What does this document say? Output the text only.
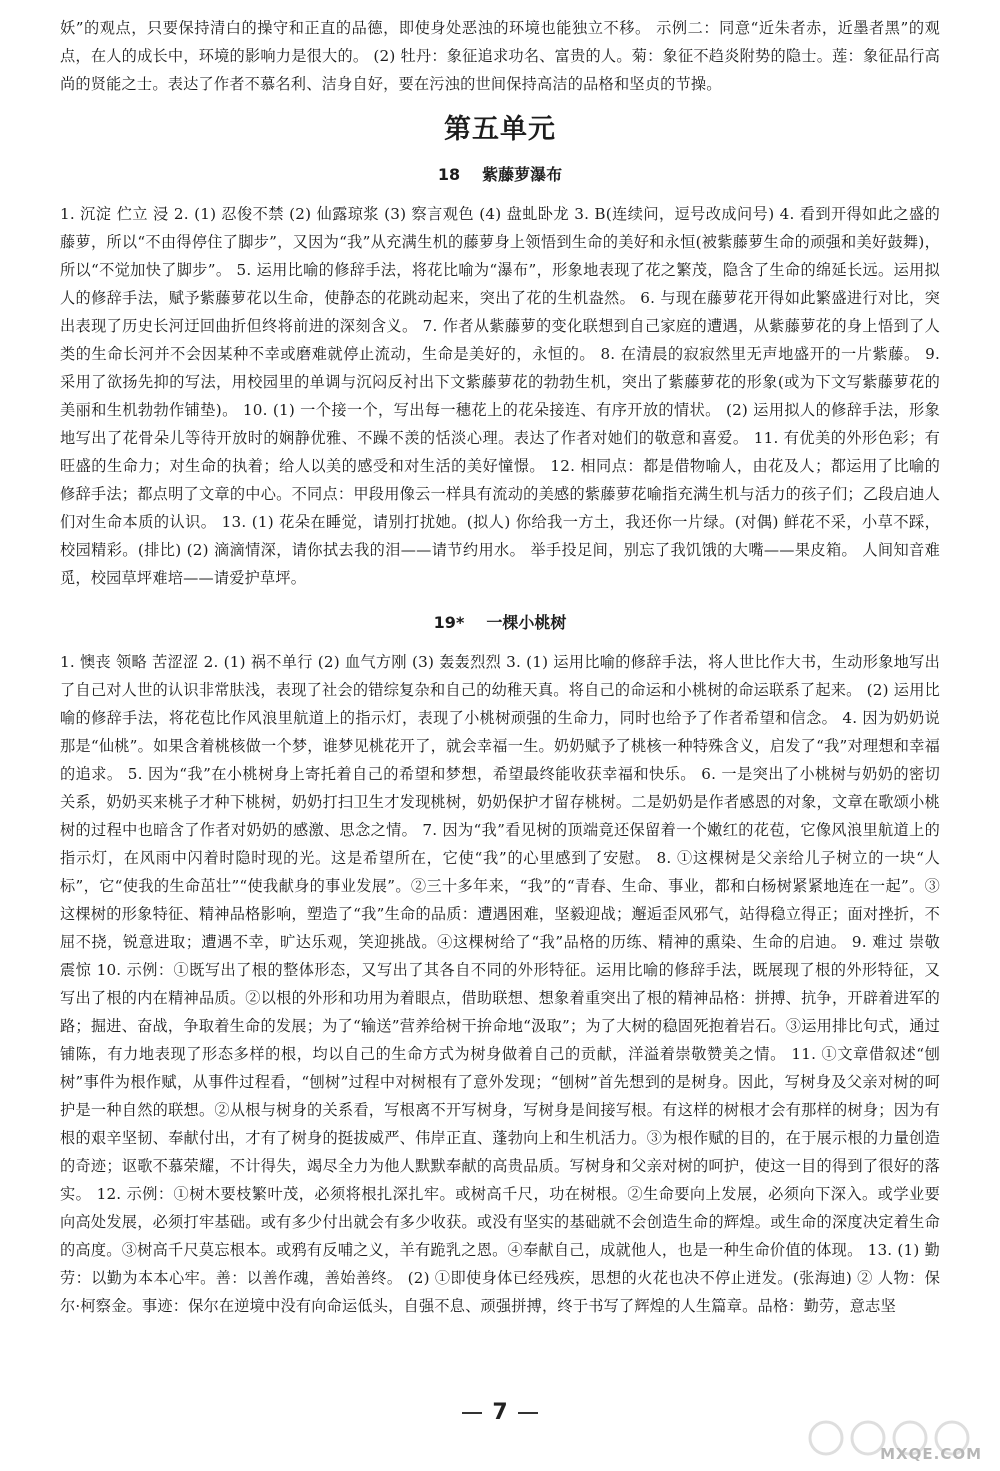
妖”的观点，只要保持清白的操守和正直的品德，即使身处恶浊的环境也能独立不移。 示例二：同意“近朱者赤，近墨者黑”的观点，在人的成长中，环境的影响力是很大的。 (2) 牡丹：象征追求功名、富贵的人。菊：象征不趋炎附势的隐士。莲：象征品行高尚的贤能之士。表达了作者不慕名利、洁身自好，要在污浊的世间保持高洁的品格和坚贞的节操。

第五单元
18 紫藤萝瀑布

1. 沉淀 伫立 浸 2. (1) 忍俊不禁 (2) 仙露琼浆 (3) 察言观色 (4) 盘虬卧龙 3. B(连续问，逗号改成问号) 4. 看到开得如此之盛的藤萝，所以“不由得停住了脚步”，又因为“我”从充满生机的藤萝身上领悟到生命的美好和永恒(被紫藤萝生命的顽强和美好鼓舞)，所以“不觉加快了脚步”。 5. 运用比喻的修辞手法，将花比喻为“瀑布”，形象地表现了花之繁茂，隐含了生命的绵延长远。运用拟人的修辞手法，赋予紫藤萝花以生命，使静态的花跳动起来，突出了花的生机盎然。 6. 与现在藤萝花开得如此繁盛进行对比，突出表现了历史长河迂回曲折但终将前进的深刻含义。 7. 作者从紫藤萝的变化联想到自己家庭的遭遇，从紫藤萝花的身上悟到了人类的生命长河并不会因某种不幸或磨难就停止流动，生命是美好的，永恒的。 8. 在清晨的寂寂然里无声地盛开的一片紫藤。 9. 采用了欲扬先抑的写法，用校园里的单调与沉闷反衬出下文紫藤萝花的勃勃生机，突出了紫藤萝花的形象(或为下文写紫藤萝花的美丽和生机勃勃作铺垫)。 10. (1) 一个接一个，写出每一穗花上的花朵接连、有序开放的情状。 (2) 运用拟人的修辞手法，形象地写出了花骨朵儿等待开放时的娴静优雅、不躁不羡的恬淡心理。表达了作者对她们的敬意和喜爱。 11. 有优美的外形色彩；有旺盛的生命力；对生命的执着；给人以美的感受和对生活的美好憧憬。 12. 相同点：都是借物喻人，由花及人；都运用了比喻的修辞手法；都点明了文章的中心。不同点：甲段用像云一样具有流动的美感的紫藤萝花喻指充满生机与活力的孩子们；乙段启迪人们对生命本质的认识。 13. (1) 花朵在睡觉，请别打扰她。(拟人) 你给我一方土，我还你一片绿。(对偶) 鲜花不采，小草不踩，校园精彩。(排比) (2) 滴滴情深，请你拭去我的泪——请节约用水。 举手投足间，别忘了我饥饿的大嘴——果皮箱。 人间知音难觅，校园草坪难培——请爱护草坪。

19* 一棵小桃树

1. 懊丧 领略 苦涩涩 2. (1) 祸不单行 (2) 血气方刚 (3) 轰轰烈烈 3. (1) 运用比喻的修辞手法，将人世比作大书，生动形象地写出了自己对人世的认识非常肤浅，表现了社会的错综复杂和自己的幼稚天真。将自己的命运和小桃树的命运联系了起来。 (2) 运用比喻的修辞手法，将花苞比作风浪里航道上的指示灯，表现了小桃树顽强的生命力，同时也给予了作者希望和信念。 4. 因为奶奶说那是“仙桃”。如果含着桃核做一个梦，谁梦见桃花开了，就会幸福一生。奶奶赋予了桃核一种特殊含义，启发了“我”对理想和幸福的追求。 5. 因为“我”在小桃树身上寄托着自己的希望和梦想，希望最终能收获幸福和快乐。 6. 一是突出了小桃树与奶奶的密切关系，奶奶买来桃子才种下桃树，奶奶打扫卫生才发现桃树，奶奶保护才留存桃树。二是奶奶是作者感恩的对象，文章在歌颂小桃树的过程中也暗含了作者对奶奶的感激、思念之情。 7. 因为“我”看见树的顶端竟还保留着一个嫩红的花苞，它像风浪里航道上的指示灯，在风雨中闪着时隐时现的光。这是希望所在，它使“我”的心里感到了安慰。 8. ①这棵树是父亲给儿子树立的一块“人标”，它“使我的生命茁壮”“使我献身的事业发展”。②三十多年来，“我”的“青春、生命、事业，都和白杨树紧紧地连在一起”。③这棵树的形象特征、精神品格影响，塑造了“我”生命的品质：遭遇困难，坚毅迎战；邂逅歪风邪气，站得稳立得正；面对挫折，不屈不挠，锐意进取；遭遇不幸，旷达乐观，笑迎挑战。④这棵树给了“我”品格的历练、精神的熏染、生命的启迪。 9. 难过 崇敬 震惊 10. 示例：①既写出了根的整体形态，又写出了其各自不同的外形特征。运用比喻的修辞手法，既展现了根的外形特征，又写出了根的内在精神品质。②以根的外形和功用为着眼点，借助联想、想象着重突出了根的精神品格：拼搏、抗争，开辟着进军的路；掘进、奋战，争取着生命的发展；为了“输送”营养给树干拚命地“汲取”；为了大树的稳固死抱着岩石。③运用排比句式，通过铺陈，有力地表现了形态多样的根，均以自己的生命方式为树身做着自己的贡献，洋溢着崇敬赞美之情。 11. ①文章借叙述“刨树”事件为根作赋，从事件过程看，“刨树”过程中对树根有了意外发现；“刨树”首先想到的是树身。因此，写树身及父亲对树的呵护是一种自然的联想。②从根与树身的关系看，写根离不开写树身，写树身是间接写根。有这样的树根才会有那样的树身；因为有根的艰辛坚韧、奉献付出，才有了树身的挺拔威严、伟岸正直、蓬勃向上和生机活力。③为根作赋的目的，在于展示根的力量创造的奇迹；讴歌不慕荣耀，不计得失，竭尽全力为他人默默奉献的高贵品质。写树身和父亲对树的呵护，使这一目的得到了很好的落实。 12. 示例：①树木要枝繁叶茂，必须将根扎深扎牢。或树高千尺，功在树根。②生命要向上发展，必须向下深入。或学业要向高处发展，必须打牢基础。或有多少付出就会有多少收获。或没有坚实的基础就不会创造生命的辉煌。或生命的深度决定着生命的高度。③树高千尺莫忘根本。或鸦有反哺之义，羊有跪乳之恩。④奉献自己，成就他人，也是一种生命价值的体现。 13. (1) 勤劳：以勤为本本心牢。善：以善作魂，善始善终。 (2) ①即使身体已经残疾，思想的火花也决不停止迸发。(张海迪) ② 人物：保尔·柯察金。事迹：保尔在逆境中没有向命运低头，自强不息、顽强拼搏，终于书写了辉煌的人生篇章。品格：勤劳，意志坚

7
MXQE.COM
